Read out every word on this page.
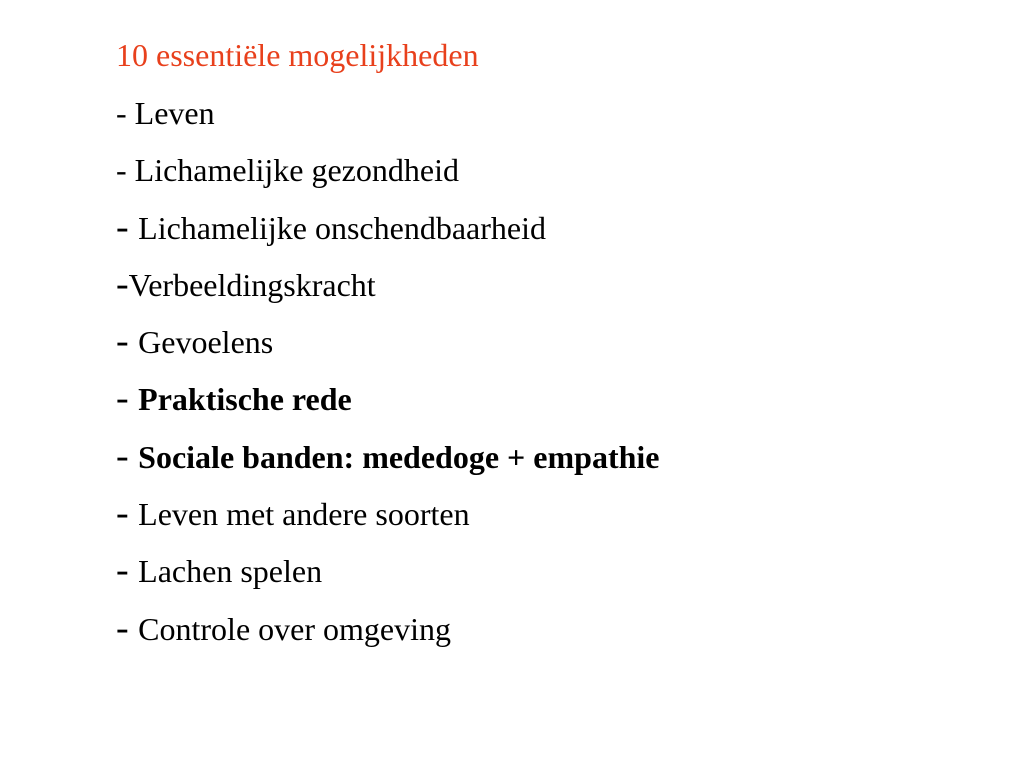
10 essentiële mogelijkheden
- Leven
- Lichamelijke gezondheid
- Lichamelijke onschendbaarheid
-Verbeeldingskracht
- Gevoelens
- Praktische rede
- Sociale banden: mededoge + empathie
- Leven met andere soorten
- Lachen spelen
- Controle over omgeving
